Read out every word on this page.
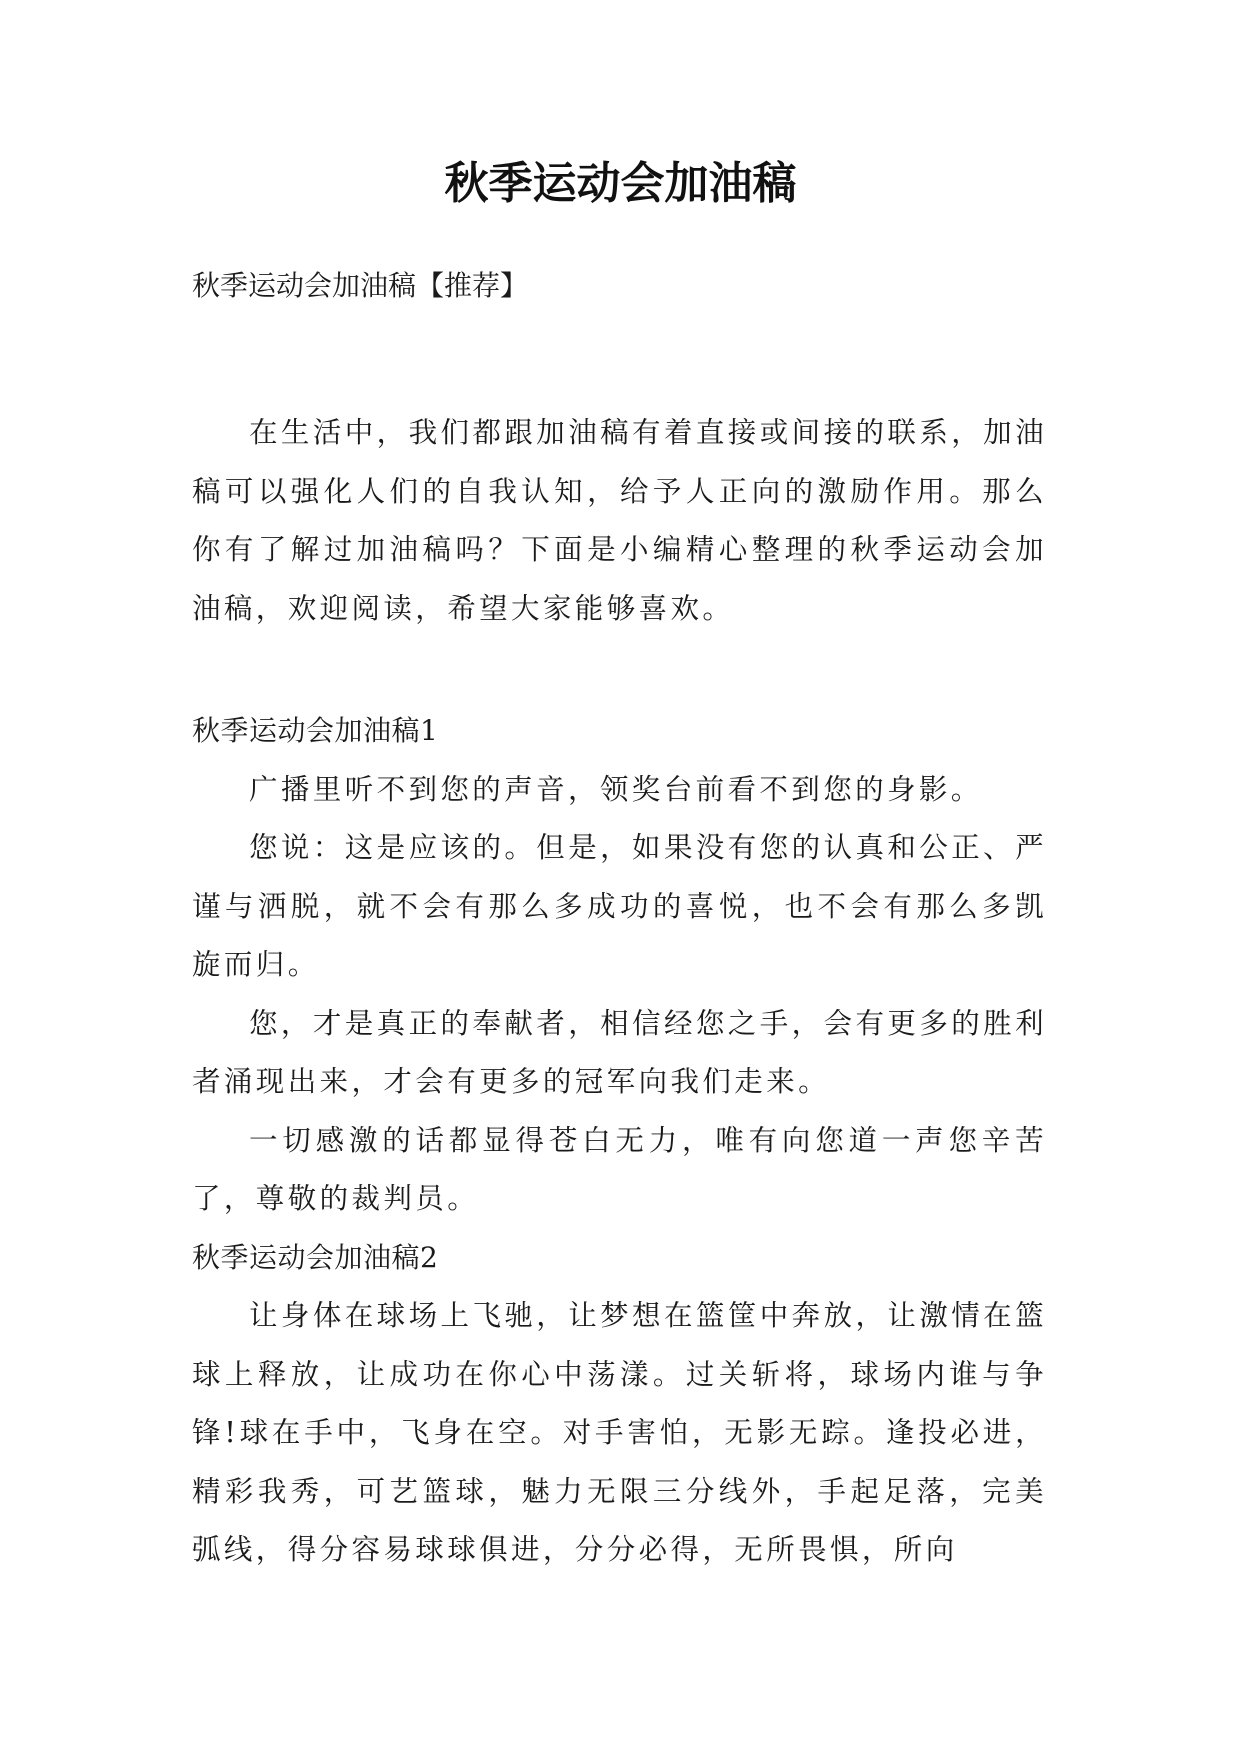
秋季运动会加油稿

秋季运动会加油稿【推荐】

在生活中，我们都跟加油稿有着直接或间接的联系，加油稿可以强化人们的自我认知，给予人正向的激励作用。那么你有了解过加油稿吗？下面是小编精心整理的秋季运动会加油稿，欢迎阅读，希望大家能够喜欢。

秋季运动会加油稿1

广播里听不到您的声音，领奖台前看不到您的身影。

您说：这是应该的。但是，如果没有您的认真和公正、严谨与洒脱，就不会有那么多成功的喜悦，也不会有那么多凯旋而归。

您，才是真正的奉献者，相信经您之手，会有更多的胜利者涌现出来，才会有更多的冠军向我们走来。

一切感激的话都显得苍白无力，唯有向您道一声您辛苦了，尊敬的裁判员。

秋季运动会加油稿2

让身体在球场上飞驰，让梦想在篮筐中奔放，让激情在篮球上释放，让成功在你心中荡漾。过关斩将，球场内谁与争锋!球在手中，飞身在空。对手害怕，无影无踪。逢投必进，精彩我秀，可艺篮球，魅力无限三分线外，手起足落，完美弧线，得分容易球球俱进，分分必得，无所畏惧，所向
